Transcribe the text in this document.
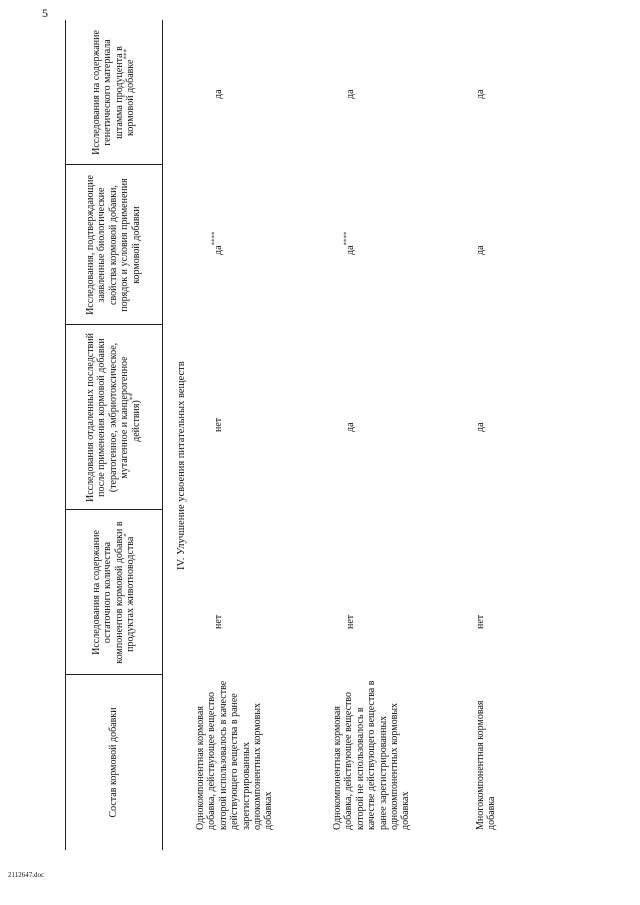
5
Состав кормовой добавки
Исследования на содержание остаточного количества компонентов кормовой добавки в продуктах животноводства*
Исследования отдаленных последствий после применения кормовой добавки (тератогенное, эмбриотоксическое, мутагенное и канцерогенное действия)**
Исследования, подтверждающие заявленные биологические свойства кормовой добавки, порядок и условия применения кормовой добавки
Исследования на содержание генетического материала штамма продуцента в кормовой добавке***
IV. Улучшение усвоения питательных веществ
Однокомпонентная кормовая добавка, действующее вещество которой использовалось в качестве действующего вещества в ранее зарегистрированных однокомпонентных кормовых добавках
нет
нет
да****
да
Однокомпонентная кормовая добавка, действующее вещество которой не использовалось в качестве действующего вещества в ранее зарегистрированных однокомпонентных кормовых добавках
нет
да
да****
да
Многокомпонентная кормовая добавка
нет
да
да
да
2112647.doc
